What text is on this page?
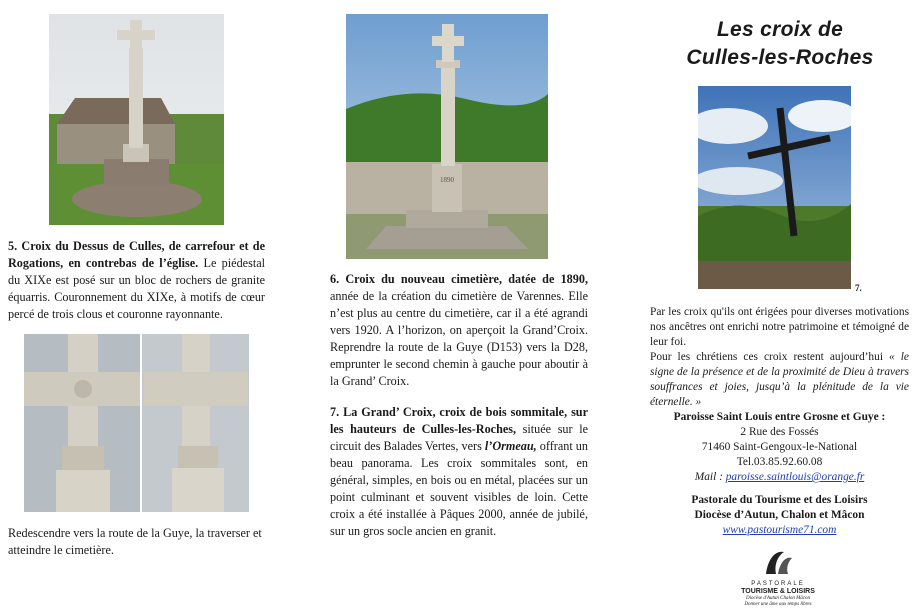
5. Croix du Dessus de Culles, de carrefour et de Rogations, en contrebas de l’église. Le piédestal du XIXe est posé sur un bloc de rochers de granite équarris. Couronnement du XIXe, à motifs de cœur percé de trois clous et couronne rayonnante.
Redescendre vers la route de la Guye, la traverser et atteindre le cimetière.
1890
6. Croix du nouveau cimetière, datée de 1890, année de la création du cimetière de Varennes. Elle n’est plus au centre du cimetière, car il a été agrandi vers 1920. A l’horizon, on aperçoit la Grand’Croix. Reprendre la route de la Guye (D153) vers la D28, emprunter le second chemin à gauche pour aboutir à la Grand’ Croix.
7. La Grand’ Croix, croix de bois sommitale, sur les hauteurs de Culles-les-Roches, située sur le circuit des Balades Vertes, vers l’Ormeau, offrant un beau panorama. Les croix sommitales sont, en général, simples, en bois ou en métal, placées sur un point culminant et souvent visibles de loin. Cette croix a été installée à Pâques 2000, année de jubilé, sur un gros socle ancien en granit.
Les croix de
Culles-les-Roches
7.
Par les croix qu'ils ont érigées pour diverses motivations nos ancêtres ont enrichi notre patrimoine et témoigné de leur foi.
Pour les chrétiens ces croix restent aujourd’hui « le signe de la présence et de la proximité de Dieu à travers souffrances et joies, jusqu’à la plénitude de la vie éternelle. »
Paroisse Saint Louis entre Grosne et Guye :
2 Rue des Fossés
71460 Saint-Gengoux-le-National
Tel.03.85.92.60.08
Mail : paroisse.saintlouis@orange.fr
Pastorale du Tourisme et des Loisirs
Diocèse d’Autun, Chalon et Mâcon
www.pastourisme71.com
PASTORALE
TOURISME & LOISIRS
Diocèse d'Autun Chalon Mâcon
Donner une âme aux temps libres
